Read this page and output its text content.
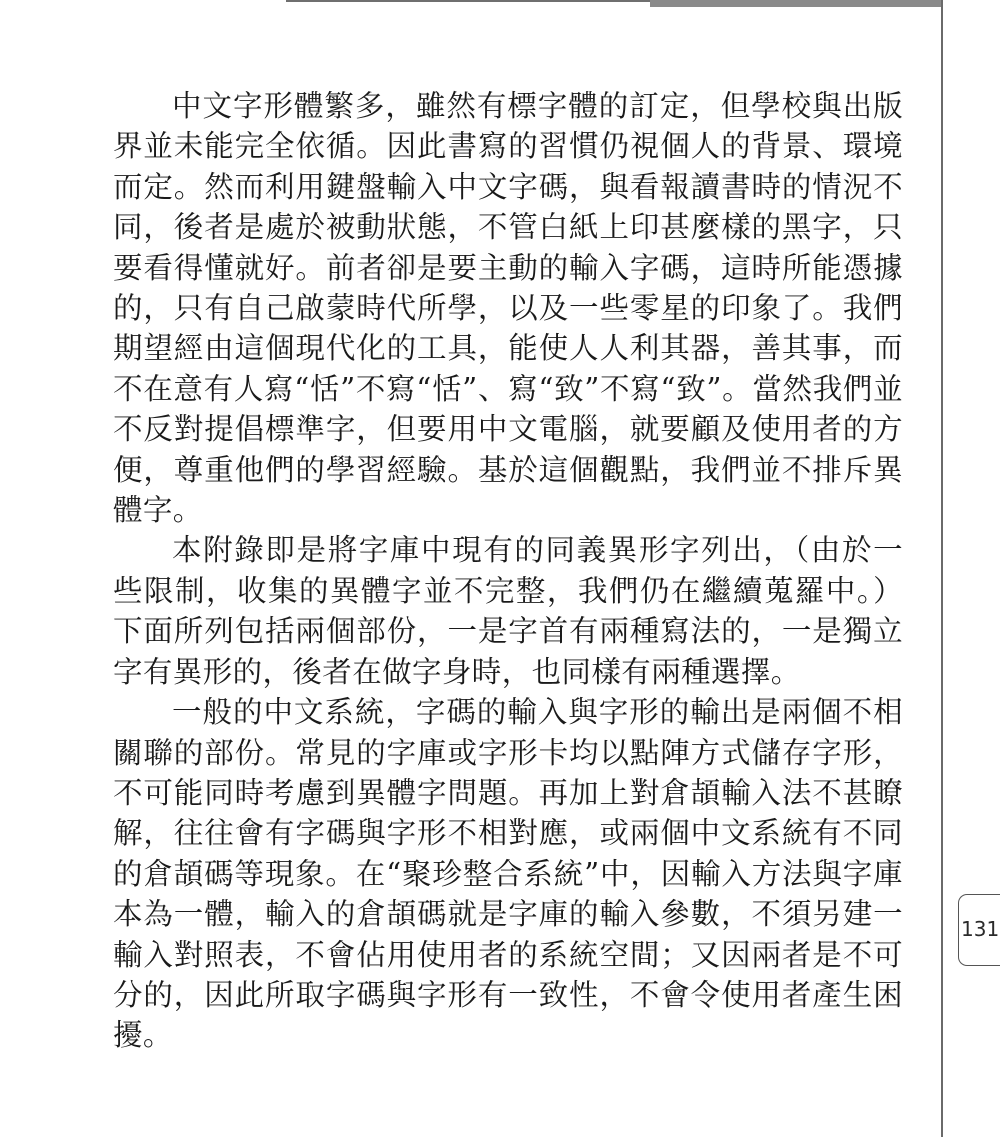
中文字形體繁多，雖然有標字體的訂定，但學校與出版界並未能完全依循。因此書寫的習慣仍視個人的背景、環境而定。然而利用鍵盤輸入中文字碼，與看報讀書時的情況不同，後者是處於被動狀態，不管白紙上印甚麼樣的黑字，只要看得懂就好。前者卻是要主動的輸入字碼，這時所能憑據的，只有自己啟蒙時代所學，以及一些零星的印象了。我們期望經由這個現代化的工具，能使人人利其器，善其事，而不在意有人寫“恬”不寫“恬”、寫“致”不寫“致”。當然我們並不反對提倡標準字，但要用中文電腦，就要顧及使用者的方便，尊重他們的學習經驗。基於這個觀點，我們並不排斥異體字。

本附錄即是將字庫中現有的同義異形字列出，（由於一些限制，收集的異體字並不完整，我們仍在繼續蒐羅中。）下面所列包括兩個部份，一是字首有兩種寫法的，一是獨立字有異形的，後者在做字身時，也同樣有兩種選擇。

一般的中文系統，字碼的輸入與字形的輸出是兩個不相關聯的部份。常見的字庫或字形卡均以點陣方式儲存字形，不可能同時考慮到異體字問題。再加上對倉頡輸入法不甚瞭解，往往會有字碼與字形不相對應，或兩個中文系統有不同的倉頡碼等現象。在“聚珍整合系統”中，因輸入方法與字庫本為一體，輸入的倉頡碼就是字庫的輸入參數，不須另建一輸入對照表，不會佔用使用者的系統空間；又因兩者是不可分的，因此所取字碼與字形有一致性，不會令使用者產生困擾。

131
